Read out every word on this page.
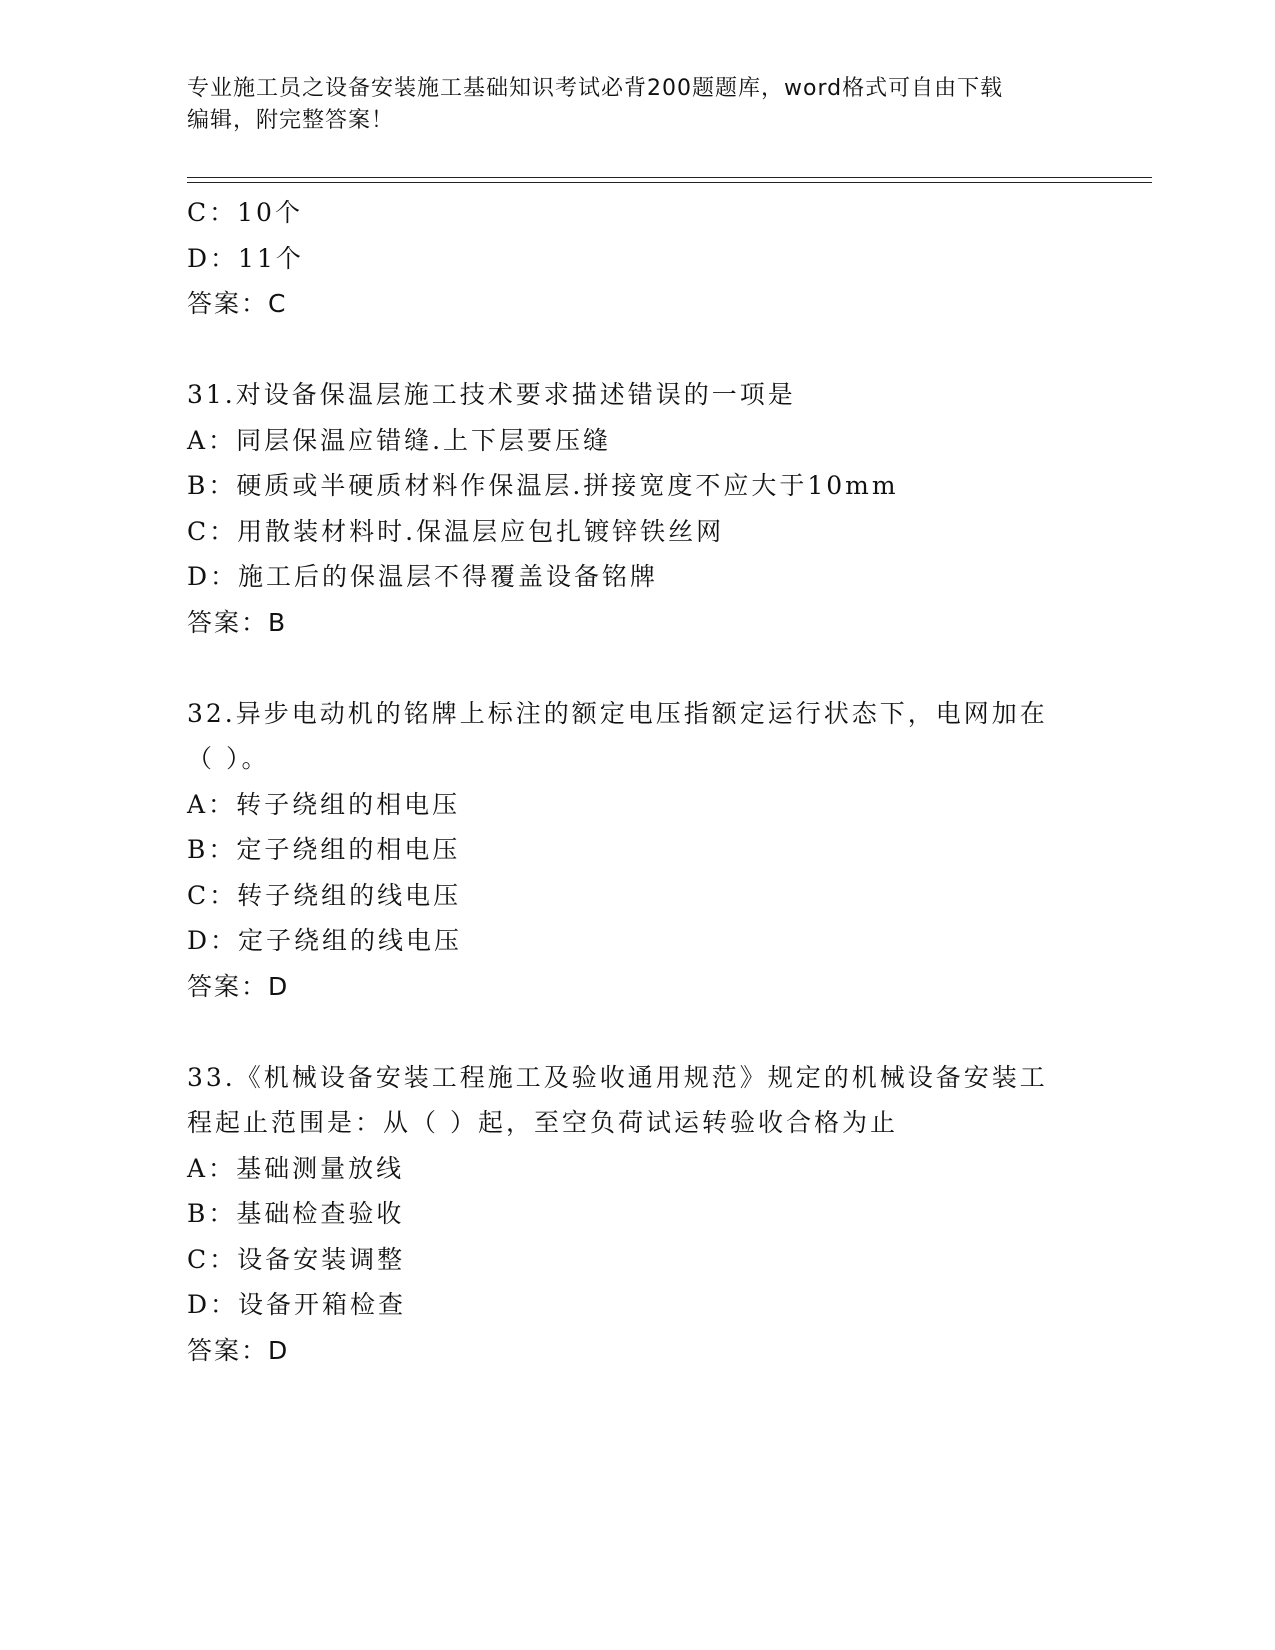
专业施工员之设备安装施工基础知识考试必背200题题库，word格式可自由下载
编辑，附完整答案！
C：10个
D：11个
答案：C
31.对设备保温层施工技术要求描述错误的一项是
A：同层保温应错缝.上下层要压缝
B：硬质或半硬质材料作保温层.拼接宽度不应大于10mm
C：用散装材料时.保温层应包扎镀锌铁丝网
D：施工后的保温层不得覆盖设备铭牌
答案：B
32.异步电动机的铭牌上标注的额定电压指额定运行状态下，电网加在
（ ）。
A：转子绕组的相电压
B：定子绕组的相电压
C：转子绕组的线电压
D：定子绕组的线电压
答案：D
33.《机械设备安装工程施工及验收通用规范》规定的机械设备安装工
程起止范围是：从（ ）起，至空负荷试运转验收合格为止
A：基础测量放线
B：基础检查验收
C：设备安装调整
D：设备开箱检查
答案：D
